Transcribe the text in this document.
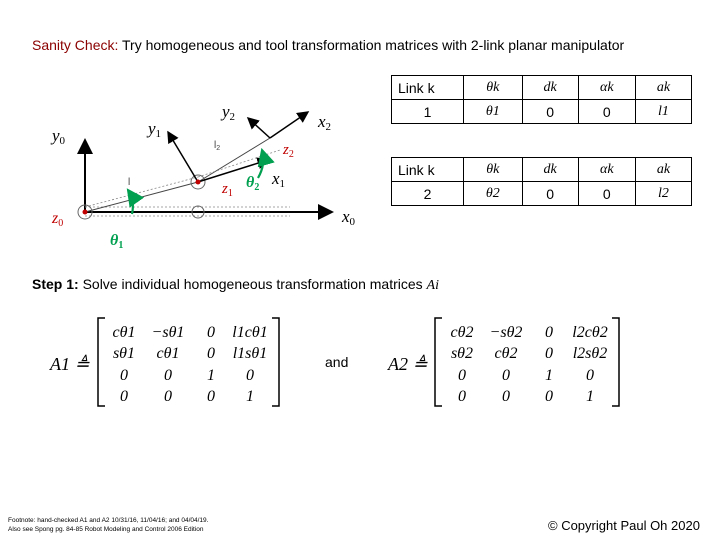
Sanity Check: Try homogeneous and tool transformation matrices with 2-link planar manipulator
Link k	θk	dk	αk	ak
1	θ1	0	0	l1
Link k	θk	dk	αk	ak
2	θ2	0	0	l2
y0
x0
z0
θ1
y1
x1
$z_1$
θ2
y2	x2
$z_2$
l
$l_2$
Step 1: Solve individual homogeneous transformation matrices Ai
A1 ≜
cθ1 −sθ1 0 l1cθ1
sθ1 cθ1 0 l1sθ1
0 0 1 0
0 0 0 1
and A2 ≜
cθ2 −sθ2 0 l2cθ2
sθ2 cθ2 0 l2sθ2
0 0 1 0
0 0 0 1
Footnote: hand-checked A1 and A2 10/31/16, 11/04/16; and 04/04/19.
Also see Spong pg. 84-85 Robot Modeling and Control 2006 Edition	© Copyright Paul Oh 2020
